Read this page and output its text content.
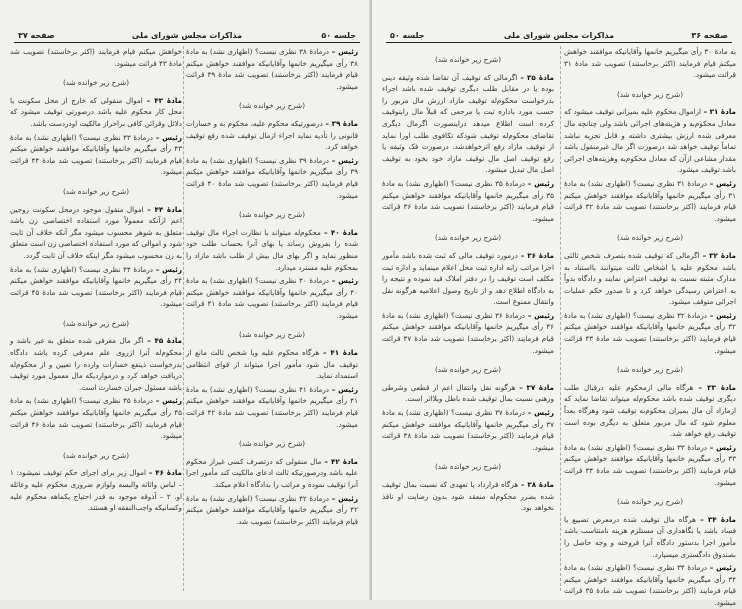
صفحه ۳۷	مذاکرات مجلس شورای ملی	جلسه ۵۰

رئیس – درمادهٔ ۳۸ نظری نیست؟ (اظهاری نشد) به مادهٔ ۳۸ رأی میگیریم خانمها وآقایانیکه موافقند خواهش میکنم قیام فرمایند (اکثر برخاستند) تصویب شد مادهٔ ۳۹ قرائت میشود.

(شرح زیر خوانده شد)

مادهٔ ۳۹ – درصورتیکه محکوم علیه، محکوم به و خسارات قانونی را تأدیه نماید اجراء ازمال توقیف شده رفع توقیف خواهد کرد.

رئیس – درمادهٔ ۳۹ نظری نیست؟ (اظهاری نشد) به مادهٔ ۳۹ رأی میگیریم خانمها وآقایانیکه موافقند خواهش میکنم قیام فرمایند (اکثر برخاستند) تصویب شد مادهٔ ۴۰ قرائت میشود.

(شرح زیر خوانده شد)

مادهٔ ۴۰ – محکوم‌له میتواند با نظارت اجراء مال توقیف شده را بفروش رساند یا بهای آنرا بحساب طلب خود منظور نماید و اگر بهای مال بیش از طلب باشد مازاد را بمحکوم علیه مسترد میدارد.

رئیس – درمادهٔ ۴۰ نظری نیست؟ (اظهاری نشد) به مادهٔ ۴۰ رأی میگیریم خانمها وآقایانیکه موافقند خواهش میکنم قیام فرمایند (اکثر برخاستند) تصویب شد مادهٔ ۴۱ قرائت میشود.

(شرح زیر خوانده شد)

مادهٔ ۴۱ – هرگاه محکوم علیه ویا شخص ثالث مانع از توقیف مال شود مأمور اجرا میتواند از قوای انتظامی استمداد نماید.

رئیس – درمادهٔ ۴۱ نظری نیست؟ (اظهاری نشد) به مادهٔ ۴۱ رأی میگیریم خانمها وآقایانیکه موافقند خواهش میکنم قیام فرمایند (اکثر برخاستند) تصویب شد مادهٔ ۴۲ قرائت میشود.

(شرح زیر خوانده شد)

مادهٔ ۴۲ – مال منقولی که درتصرف کسی غیراز محکوم علیه باشد ودرصورتیکه ثالث ادعای مالکیت کند مأمور اجرا آنرا توقیف نموده و مراتب را بدادگاه اعلام میکند.

رئیس – درمادهٔ ۴۲ نظری نیست؟ (اظهاری نشد) به مادهٔ ۴۲ رأی میگیریم خانمها وآقایانیکه موافقند خواهش میکنم قیام فرمایند (اکثر برخاستند) تصویب شد.

خواهش میکنم قیام فرمایند (اکثر برخاستند) تصویب شد مادهٔ ۴۳ قرائت میشود.

(شرح زیر خوانده شد)

مادهٔ ۴۳ – اموال منقولی که خارج از محل سکونت یا محل کار محکوم علیه باشد درصورتی توقیف میشود که دلائل وقرائن کافی براحراز مالکیت اودردست باشد.

رئیس – درمادهٔ ۴۳ نظری نیست؟ (اظهاری نشد) به مادهٔ ۴۳ رأی میگیریم خانمها وآقایانیکه موافقند خواهش میکنم قیام فرمایند (اکثر برخاستند) تصویب شد مادهٔ ۴۴ قرائت میشود.

(شرح زیر خوانده شد)

مادهٔ ۴۴ – اموال منقول موجود درمحل سکونت زوجین اعم ازآنکه معمولاً مورد استفاده اختصاصی زن باشد متعلق به شوهر محسوب میشود مگر آنکه خلاف آن ثابت شود و اموالی که مورد استفاده اختصاصی زن است متعلق به زن محسوب میشود مگر اینکه خلاف آن ثابت گردد.

رئیس – درمادهٔ ۴۴ نظری نیست؟ (اظهاری نشد) به مادهٔ ۴۴ رأی میگیریم خانمها وآقایانیکه موافقند خواهش میکنم قیام فرمایند (اکثر برخاستند) تصویب شد مادهٔ ۴۵ قرائت میشود.

(شرح زیر خوانده شد)

مادهٔ ۴۵ – اگر مال معرفی شده متعلق به غیر باشد و محکوم‌له آنرا ازروی علم معرفی کرده باشد دادگاه بدرخواست ذینفع خسارات وارده را تعیین و از محکوم‌له دریافت خواهد کرد و درمواردیکه مال معمول مورد توقیف باشد مسئول جبران خسارت است.

رئیس – درمادهٔ ۴۵ نظری نیست؟ (اظهاری نشد) به مادهٔ ۴۵ رأی میگیریم خانمها وآقایانیکه موافقند خواهش میکنم قیام فرمایند (اکثر برخاستند) تصویب شد مادهٔ ۴۶ قرائت میشود.

(شرح زیر خوانده شد)

مادهٔ ۴۶ – اموال زیر برای اجرای حکم توقیف نمیشود: ۱ – لباس واثاثه والبسه ولوازم ضروری محکوم علیه وعائله او. ۲ – آذوقه موجود به قدر احتیاج یکماهه محکوم علیه وکسانیکه واجب‌النفقه او هستند.

جلسه ۵۰	مذاکرات مجلس شورای ملی	صفحه ۳۶

به مادهٔ ۳۰ رأی میگیریم خانمها وآقایانیکه موافقند خواهش میکنم قیام فرمایند (اکثر برخاستند) تصویب شد مادهٔ ۳۱ قرائت میشود.

(شرح زیر خوانده شد)

مادهٔ ۳۱ – ازاموال محکوم علیه بمیزانی توقیف میشود که معادل محکوم‌به و هزینه‌های اجرائی باشد ولی چنانچه مال معرفی شده ارزش بیشتری داشته و قابل تجزیه نباشد تماماً توقیف خواهد شد درصورت اگر مال غیرمنقول باشد مقدار مشاعی ازآن که معادل محکوم‌به وهزینه‌های اجرائی باشد توقیف میشود.

رئیس – درمادهٔ ۳۱ نظری نیست؟ (اظهاری نشد) به مادهٔ ۳۱ رأی میگیریم خانمها وآقایانیکه موافقند خواهش میکنم قیام فرمایند (اکثر برخاستند) تصویب شد مادهٔ ۳۲ قرائت میشود.

(شرح زیر خوانده شد)

مادهٔ ۳۲ – اگرمالی که توقیف شده بتصرف شخص ثالثی باشد محکوم علیه یا اشخاص ثالث میتوانند بااستناد به مدارک مثبته نسبت به توقیف اعتراض نمایند و دادگاه بدواً به اعتراض رسیدگی خواهد کرد و تا صدور حکم عملیات اجرائی متوقف میشود.

رئیس – درمادهٔ ۳۲ نظری نیست؟ (اظهاری نشد) به مادهٔ ۳۲ رأی میگیریم خانمها وآقایانیکه موافقند خواهش میکنم قیام فرمایند (اکثر برخاستند) تصویب شد مادهٔ ۳۳ قرائت میشود.

(شرح زیر خوانده شد)

مادهٔ ۳۳ – هرگاه مالی ازمحکوم علیه درقبال طلب دیگری توقیف شده باشد محکوم‌له میتواند تقاضا نماید که ازمازاد آن مال بمیزان محکوم‌به توقیف شود وهرگاه بعداً معلوم شود که مال مزبور متعلق به دیگری بوده است توقیف رفع خواهد شد.

رئیس – درمادهٔ ۳۳ نظری نیست؟ (اظهاری نشد) به مادهٔ ۳۳ رأی میگیریم خانمها وآقایانیکه موافقند خواهش میکنم قیام فرمایند (اکثر برخاستند) تصویب شد مادهٔ ۳۴ قرائت میشود.

(شرح زیر خوانده شد)

مادهٔ ۳۴ – هرگاه مال توقیف شده درمعرض تضییع یا فساد باشد یا نگاهداری آن مستلزم هزینه نامتناسب باشد مأمور اجرا بدستور دادگاه آنرا فروخته و وجه حاصل را بصندوق دادگستری میسپارد.

رئیس – درمادهٔ ۳۴ نظری نیست؟ (اظهاری نشد) به مادهٔ ۳۴ رأی میگیریم خانمها وآقایانیکه موافقند خواهش میکنم قیام فرمایند (اکثر برخاستند) تصویب شد مادهٔ ۳۵ قرائت میشود.

(شرح زیر خوانده شد)

مادهٔ ۳۵ – اگرمالی که توقیف آن تقاضا شده وثیقه دینی بوده یا در مقابل طلب دیگری توقیف شده باشد اجراء بدرخواست محکوم‌له توقیف مازاد ارزش مال مزبور را حسب مورد باداره ثبت یا مرجعی که قبلاً مال رابتوقیف کرده است اطلاع میدهد دراینصورت اگرمال دیگری تقاضای محکوم‌له توقیف شودکه تکافوی طلب اورا نماید از توقیف مازاد رفع اثرخواهدشد. درصورت فک وثیقه یا رفع توقیف اصل مال توقیف مازاد خود بخود به توقیف اصل مال تبدیل میشود.

رئیس – درمادهٔ ۳۵ نظری نیست؟ (اظهاری نشد) به مادهٔ ۳۵ رأی میگیریم خانمها وآقایانیکه موافقند خواهش میکنم قیام فرمایند (اکثر برخاستند) تصویب شد مادهٔ ۳۶ قرائت میشود.

(شرح زیر خوانده شد)

مادهٔ ۳۶ – درمورد توقیف مالی که ثبت شده باشد مأمور اجرا مراتب رابه اداره ثبت محل اعلام مینماید و اداره ثبت مکلف است توقیف را در دفتر املاک قید نموده و نتیجه را به دادگاه اطلاع دهد و از تاریخ وصول اعلامیه هرگونه نقل وانتقال ممنوع است.

رئیس – درمادهٔ ۳۶ نظری نیست؟ (اظهاری نشد) به مادهٔ ۳۶ رأی میگیریم خانمها وآقایانیکه موافقند خواهش میکنم قیام فرمایند (اکثر برخاستند) تصویب شد مادهٔ ۳۷ قرائت میشود.

(شرح زیر خوانده شد)

مادهٔ ۳۷ – هرگونه نقل وانتقال اعم از قطعی وشرطی ورهنی نسبت بمال توقیف شده باطل وبلااثر است.

رئیس – درمادهٔ ۳۷ نظری نیست؟ (اظهاری نشد) به مادهٔ ۳۷ رأی میگیریم خانمها وآقایانیکه موافقند خواهش میکنم قیام فرمایند (اکثر برخاستند) تصویب شد مادهٔ ۳۸ قرائت میشود.

(شرح زیر خوانده شد)

مادهٔ ۳۸ – هرگاه قرارداد یا تعهدی که نسبت بمال توقیف شده بضرر محکوم‌له منعقد شود بدون رضایت او نافذ نخواهد بود.
